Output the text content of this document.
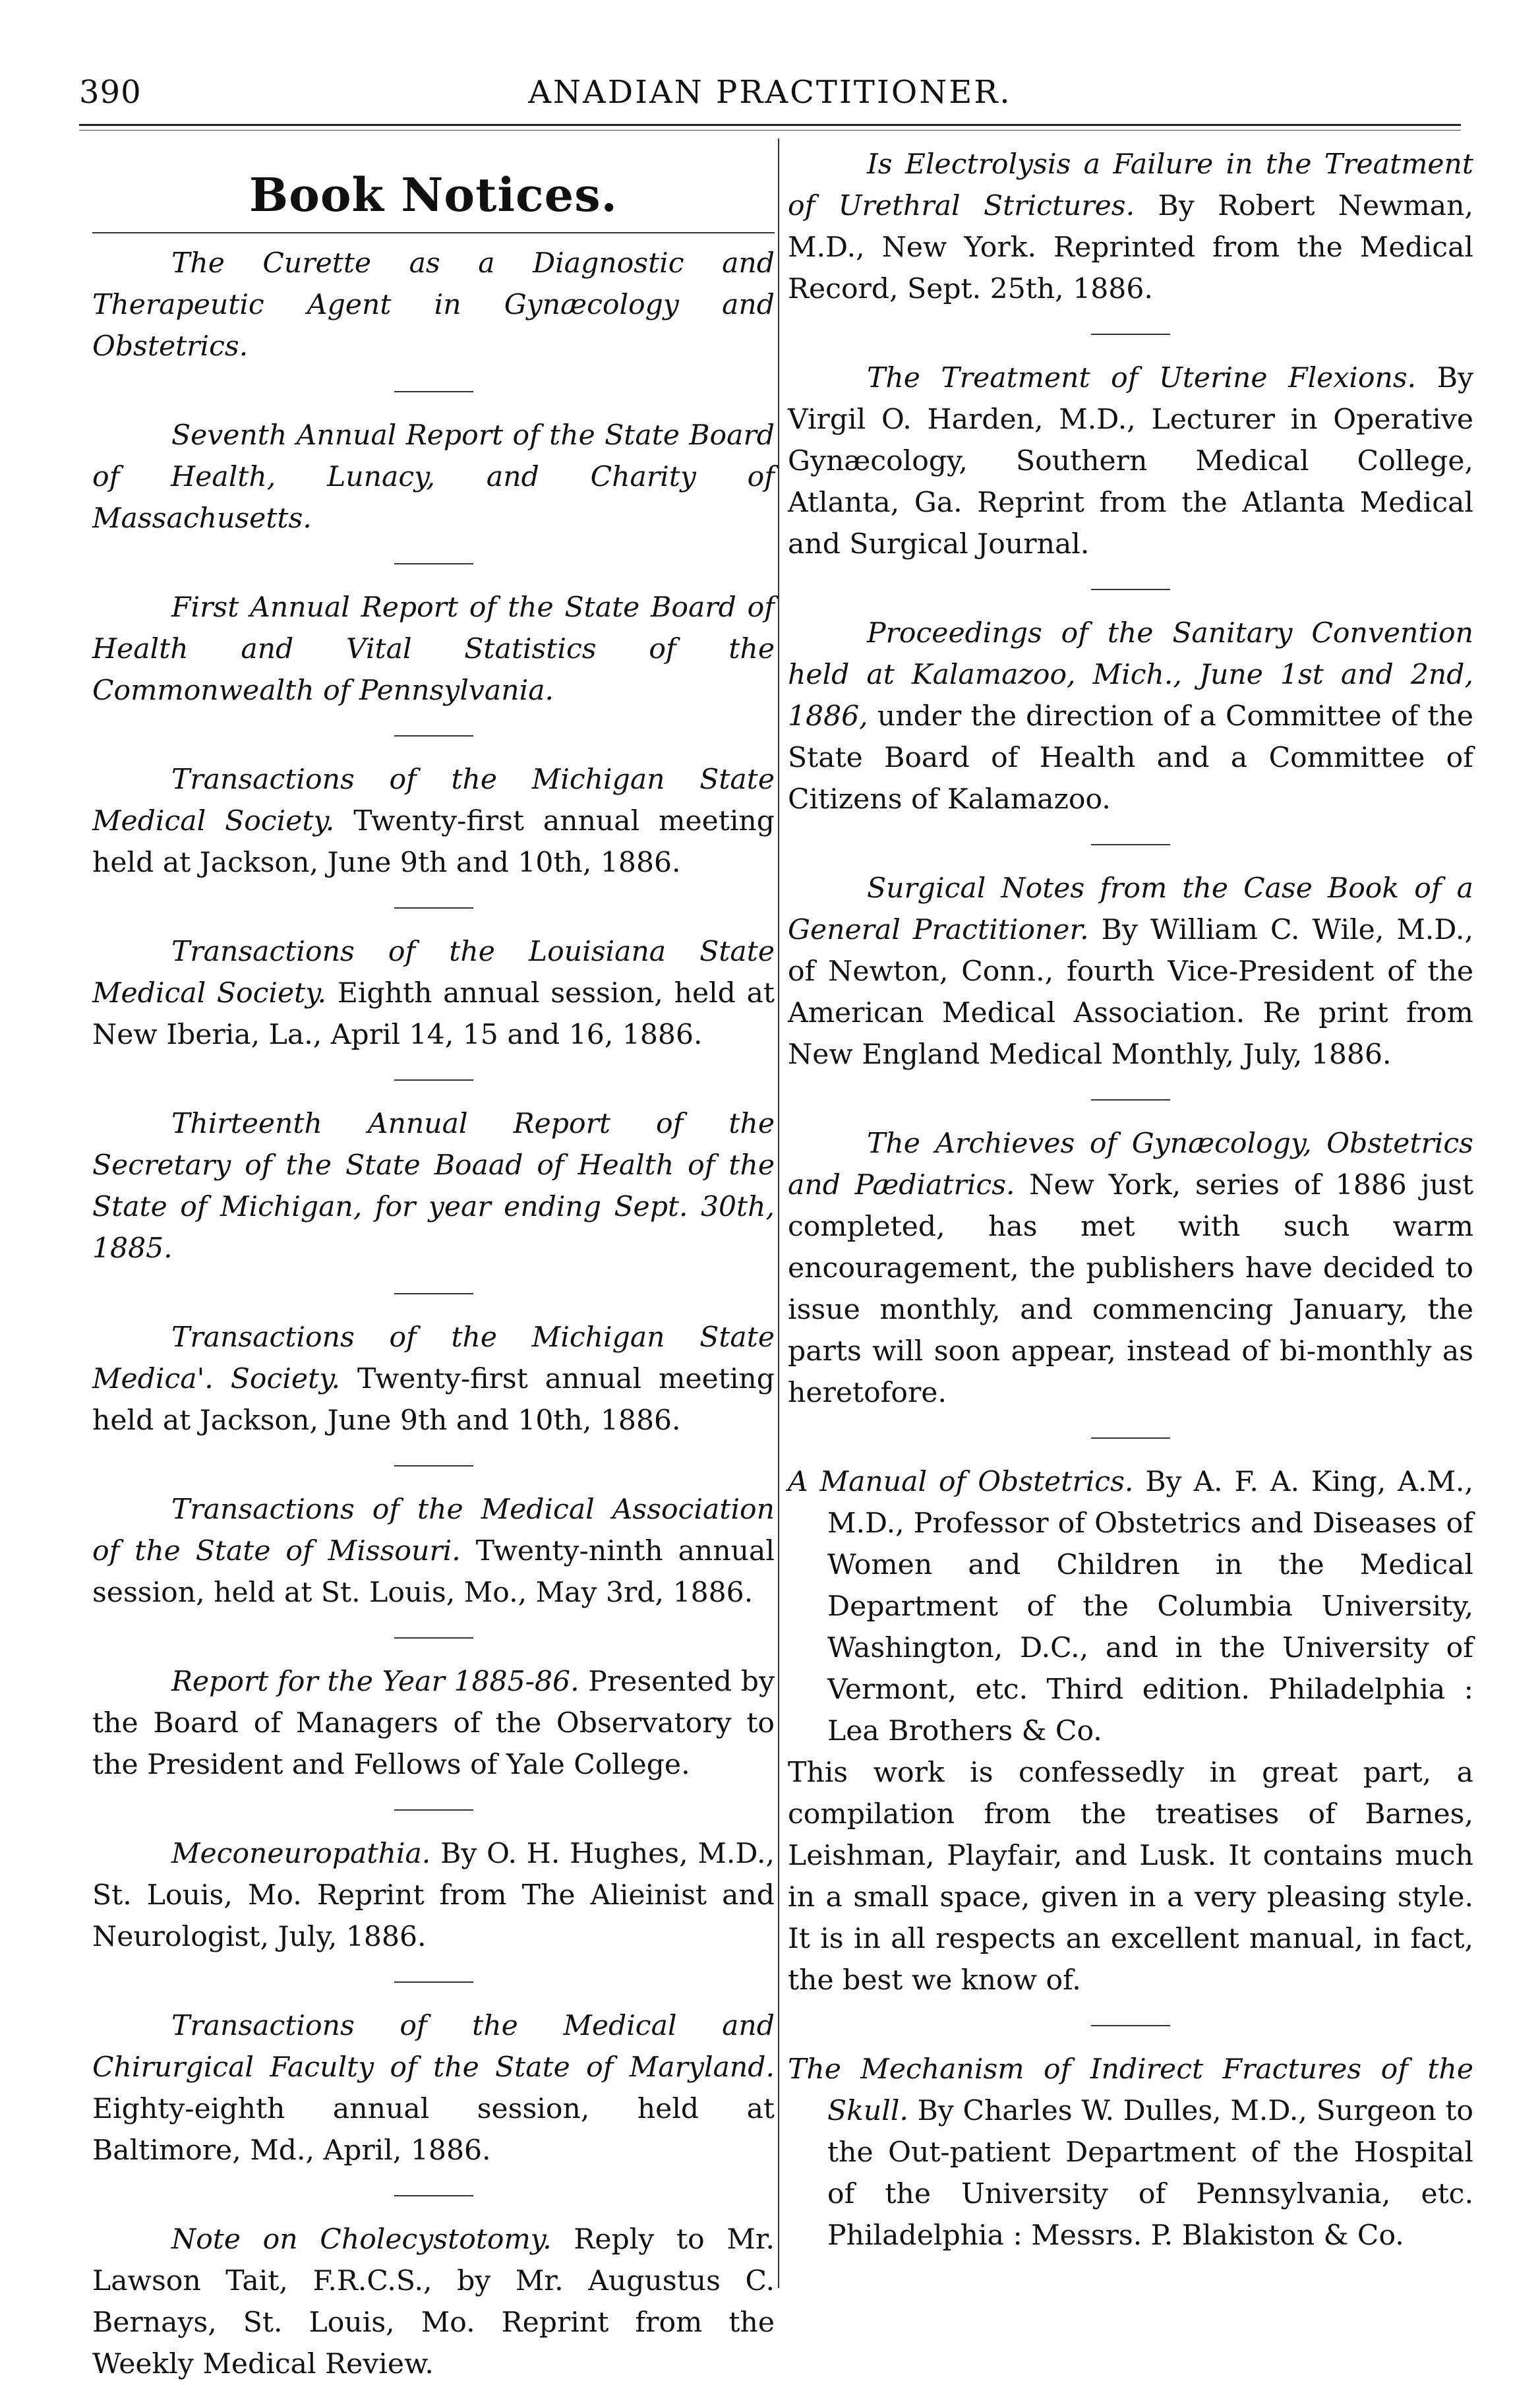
390	ANADIAN PRACTITIONER.
Book Notices.

The Curette as a Diagnostic and Therapeutic Agent in Gynæcology and Obstetrics.

Seventh Annual Report of the State Board of Health, Lunacy, and Charity of Massachusetts.

First Annual Report of the State Board of Health and Vital Statistics of the Commonwealth of Pennsylvania.

Transactions of the Michigan State Medical Society. Twenty-first annual meeting held at Jackson, June 9th and 10th, 1886.

Transactions of the Louisiana State Medical Society. Eighth annual session, held at New Iberia, La., April 14, 15 and 16, 1886.

Thirteenth Annual Report of the Secretary of the State Boaad of Health of the State of Michigan, for year ending Sept. 30th, 1885.

Transactions of the Michigan State Medica'. Society. Twenty-first annual meeting held at Jackson, June 9th and 10th, 1886.

Transactions of the Medical Association of the State of Missouri. Twenty-ninth annual session, held at St. Louis, Mo., May 3rd, 1886.

Report for the Year 1885-86. Presented by the Board of Managers of the Observatory to the President and Fellows of Yale College.

Meconeuropathia. By O. H. Hughes, M.D., St. Louis, Mo. Reprint from The Alieinist and Neurologist, July, 1886.

Transactions of the Medical and Chirurgical Faculty of the State of Maryland. Eighty-eighth annual session, held at Baltimore, Md., April, 1886.

Note on Cholecystotomy. Reply to Mr. Lawson Tait, F.R.C.S., by Mr. Augustus C. Bernays, St. Louis, Mo. Reprint from the Weekly Medical Review.

Is Electrolysis a Failure in the Treatment of Urethral Strictures. By Robert Newman, M.D., New York. Reprinted from the Medical Record, Sept. 25th, 1886.

The Treatment of Uterine Flexions. By Virgil O. Harden, M.D., Lecturer in Operative Gynæcology, Southern Medical College, Atlanta, Ga. Reprint from the Atlanta Medical and Surgical Journal.

Proceedings of the Sanitary Convention held at Kalamazoo, Mich., June 1st and 2nd, 1886, under the direction of a Committee of the State Board of Health and a Committee of Citizens of Kalamazoo.

Surgical Notes from the Case Book of a General Practitioner. By William C. Wile, M.D., of Newton, Conn., fourth Vice-President of the American Medical Association. Re print from New England Medical Monthly, July, 1886.

The Archieves of Gynæcology, Obstetrics and Pædiatrics. New York, series of 1886 just completed, has met with such warm encouragement, the publishers have decided to issue monthly, and commencing January, the parts will soon appear, instead of bi-monthly as heretofore.

A Manual of Obstetrics. By A. F. A. King, A.M., M.D., Professor of Obstetrics and Diseases of Women and Children in the Medical Department of the Columbia University, Washington, D.C., and in the University of Vermont, etc. Third edition. Philadelphia : Lea Brothers & Co.

This work is confessedly in great part, a compilation from the treatises of Barnes, Leishman, Playfair, and Lusk. It contains much in a small space, given in a very pleasing style. It is in all respects an excellent manual, in fact, the best we know of.

The Mechanism of Indirect Fractures of the Skull. By Charles W. Dulles, M.D., Surgeon to the Out-patient Department of the Hospital of the University of Pennsylvania, etc. Philadelphia : Messrs. P. Blakiston & Co.
